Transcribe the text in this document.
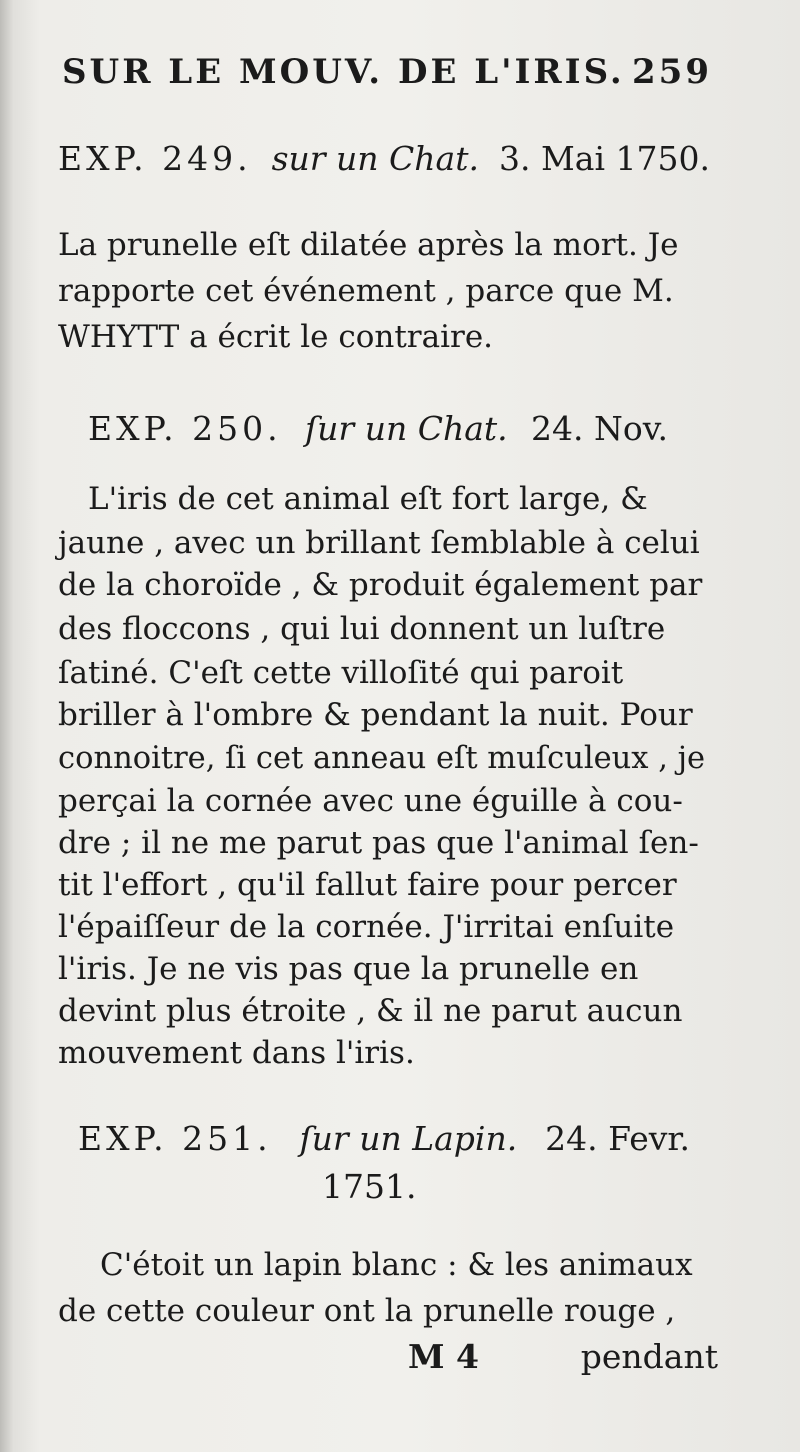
SUR LE MOUV. DE L'IRIS. 259
EXP. 249. sur un Chat. 3. Mai 1750.
La prunelle eſt dilatée après la mort. Je
rapporte cet événement , parce que M.
WHYTT a écrit le contraire.
EXP. 250. ſur un Chat. 24. Nov.
L'iris de cet animal eſt fort large, &
jaune , avec un brillant ſemblable à celui
de la choroïde , & produit également par
des floccons , qui lui donnent un luſtre
ſatiné. C'eſt cette villoſité qui paroit
briller à l'ombre & pendant la nuit. Pour
connoitre, ſi cet anneau eſt muſculeux , je
perçai la cornée avec une éguille à cou-
dre ; il ne me parut pas que l'animal ſen-
tit l'effort , qu'il fallut faire pour percer
l'épaiſſeur de la cornée. J'irritai enſuite
l'iris. Je ne vis pas que la prunelle en
devint plus étroite , & il ne parut aucun
mouvement dans l'iris.
EXP. 251. ſur un Lapin. 24. Fevr.
1751.
C'étoit un lapin blanc : & les animaux
de cette couleur ont la prunelle rouge ,
M 4	pendant
